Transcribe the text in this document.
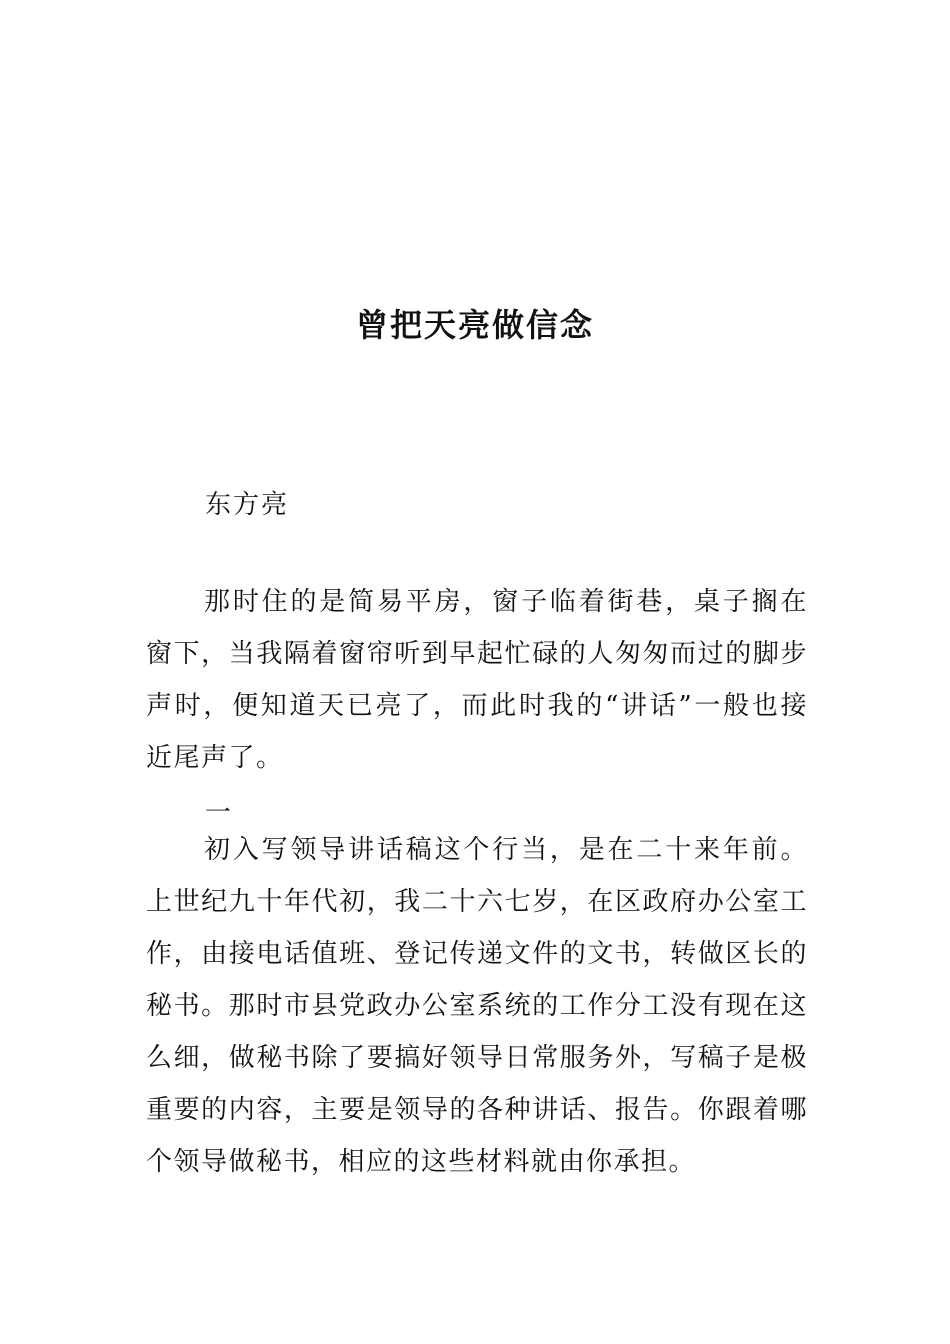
曾把天亮做信念
东方亮

那时住的是简易平房，窗子临着街巷，桌子搁在窗下，当我隔着窗帘听到早起忙碌的人匆匆而过的脚步声时，便知道天已亮了，而此时我的“讲话”一般也接近尾声了。

一

初入写领导讲话稿这个行当，是在二十来年前。上世纪九十年代初，我二十六七岁，在区政府办公室工作，由接电话值班、登记传递文件的文书，转做区长的秘书。那时市县党政办公室系统的工作分工没有现在这么细，做秘书除了要搞好领导日常服务外，写稿子是极重要的内容，主要是领导的各种讲话、报告。你跟着哪个领导做秘书，相应的这些材料就由你承担。
